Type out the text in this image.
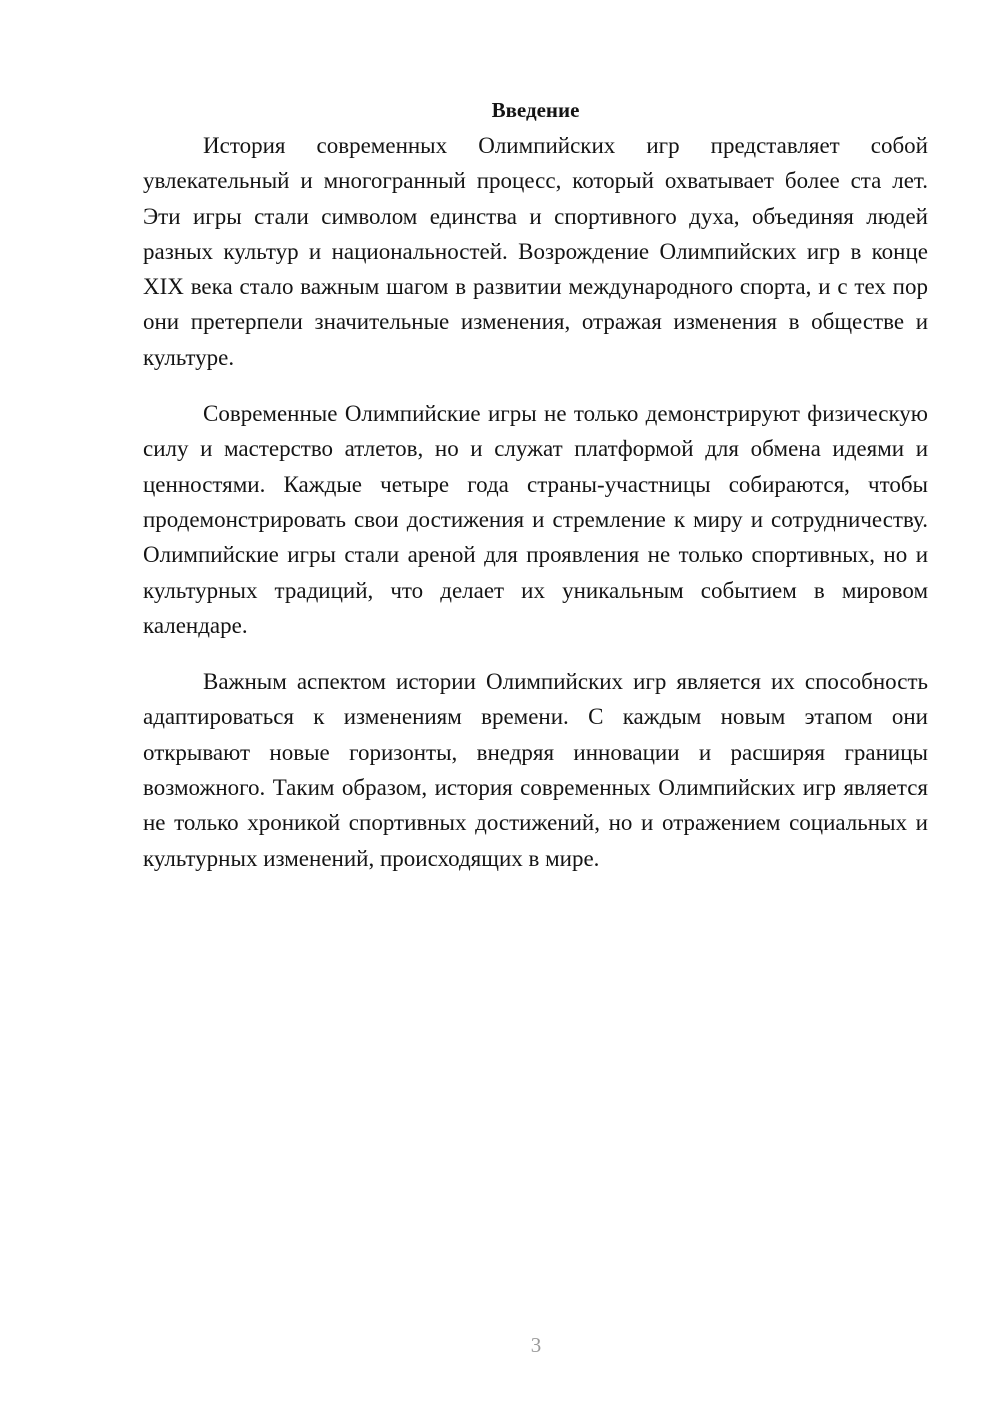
Введение

История современных Олимпийских игр представляет собой увлекательный и многогранный процесс, который охватывает более ста лет. Эти игры стали символом единства и спортивного духа, объединяя людей разных культур и национальностей. Возрождение Олимпийских игр в конце XIX века стало важным шагом в развитии международного спорта, и с тех пор они претерпели значительные изменения, отражая изменения в обществе и культуре.

Современные Олимпийские игры не только демонстрируют физическую силу и мастерство атлетов, но и служат платформой для обмена идеями и ценностями. Каждые четыре года страны-участницы собираются, чтобы продемонстрировать свои достижения и стремление к миру и сотрудничеству. Олимпийские игры стали ареной для проявления не только спортивных, но и культурных традиций, что делает их уникальным событием в мировом календаре.

Важным аспектом истории Олимпийских игр является их способность адаптироваться к изменениям времени. С каждым новым этапом они открывают новые горизонты, внедряя инновации и расширяя границы возможного. Таким образом, история современных Олимпийских игр является не только хроникой спортивных достижений, но и отражением социальных и культурных изменений, происходящих в мире.

3
